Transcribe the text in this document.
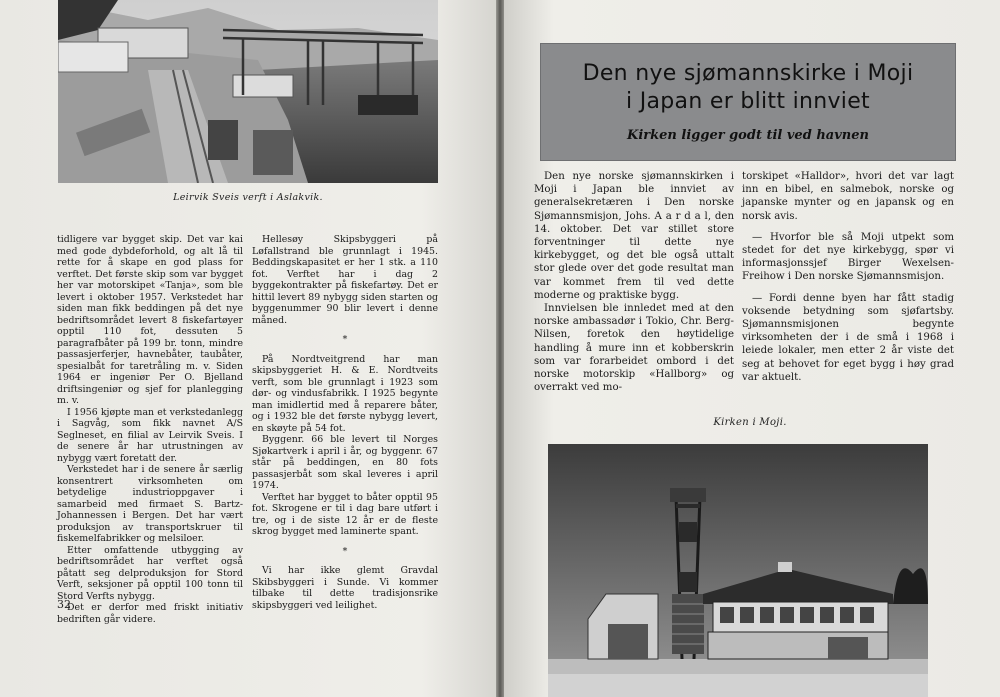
Leirvik Sveis verft i Aslakvik.

tidligere var bygget skip. Det var kai med gode dybdeforhold, og alt lå til rette for å skape en god plass for verftet. Det første skip som var bygget her var motorskipet «Tanja», som ble levert i oktober 1957. Verkstedet har siden man fikk beddingen på det nye bedriftsområdet levert 8 fiskefartøyer opptil 110 fot, dessuten 5 paragrafbåter på 199 br. tonn, mindre passasjerferjer, havnebåter, taubåter, spesialbåt for taretråling m. v. Siden 1964 er ingeniør Per O. Bjelland driftsingeniør og sjef for planlegging m. v.

I 1956 kjøpte man et verkstedanlegg i Sagvåg, som fikk navnet A/S Seglneset, en filial av Leirvik Sveis. I de senere år har utrustningen av nybygg vært foretatt der.

Verkstedet har i de senere år særlig konsentrert virksomheten om betydelige industrioppgaver i samarbeid med firmaet S. Bartz-Johannessen i Bergen. Det har vært produksjon av transportskruer til fiskemelfabrikker og melsiloer.

Etter omfattende utbygging av bedriftsområdet har verftet også påtatt seg delproduksjon for Stord Verft, seksjoner på opptil 100 tonn til Stord Verfts nybygg.

Det er derfor med friskt initiativ bedriften går videre.

Hellesøy Skipsbyggeri på Løfallstrand ble grunnlagt i 1945. Beddingskapasitet er her 1 stk. a 110 fot. Verftet har i dag 2 byggekontrakter på fiskefartøy. Det er hittil levert 89 nybygg siden starten og byggenummer 90 blir levert i denne måned.

*

På Nordtveitgrend har man skipsbyggeriet H. & E. Nordtveits verft, som ble grunnlagt i 1923 som dør- og vindusfabrikk. I 1925 begynte man imidlertid med å reparere båter, og i 1932 ble det første nybygg levert, en skøyte på 54 fot.

Byggenr. 66 ble levert til Norges Sjøkartverk i april i år, og byggenr. 67 står på beddingen, en 80 fots passasjerbåt som skal leveres i april 1974.

Verftet har bygget to båter opptil 95 fot. Skrogene er til i dag bare utført i tre, og i de siste 12 år er de fleste skrog bygget med laminerte spant.

*

Vi har ikke glemt Gravdal Skibsbyggeri i Sunde. Vi kommer tilbake til dette tradisjonsrike skipsbyggeri ved leilighet.

32
Den nye sjømannskirke i Moji
i Japan er blitt innviet
Kirken ligger godt til ved havnen

Den nye norske sjømannskirken i Moji i Japan ble innviet av generalsekretæren i Den norske Sjømannsmisjon, Johs. A a r d a l, den 14. oktober. Det var stillet store forventninger til dette nye kirkebygget, og det ble også uttalt stor glede over det gode resultat man var kommet frem til ved dette moderne og praktiske bygg.

Innvielsen ble innledet med at den norske ambassadør i Tokio, Chr. Berg-Nilsen, foretok den høytidelige handling å mure inn et kobberskrin som var forarbeidet ombord i det norske motorskip «Hallborg» og overrakt ved mo-

torskipet «Halldor», hvori det var lagt inn en bibel, en salmebok, norske og japanske mynter og en japansk og en norsk avis.

— Hvorfor ble så Moji utpekt som stedet for det nye kirkebygg, spør vi informasjonssjef Birger Wexelsen-Freihow i Den norske Sjømannsmisjon.

— Fordi denne byen har fått stadig voksende betydning som sjøfartsby. Sjømannsmisjonen begynte virksomheten der i de små i 1968 i leiede lokaler, men etter 2 år viste det seg at behovet for eget bygg i høy grad var aktuelt.

Kirken i Moji.
